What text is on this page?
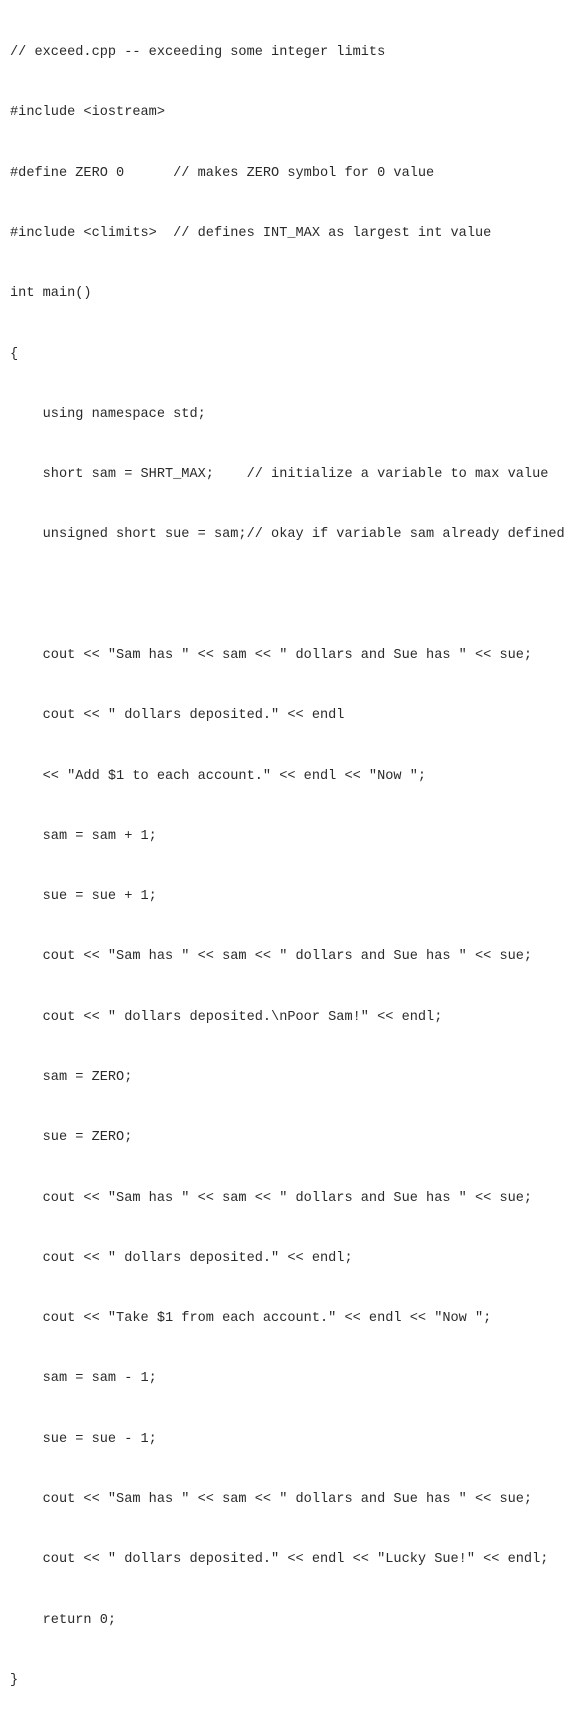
// exceed.cpp -- exceeding some integer limits

#include <iostream>

#define ZERO 0      // makes ZERO symbol for 0 value

#include <climits>  // defines INT_MAX as largest int value

int main()

{

using namespace std;

short sam = SHRT_MAX;    // initialize a variable to max value

unsigned short sue = sam;// okay if variable sam already defined

cout << "Sam has " << sam << " dollars and Sue has " << sue;

cout << " dollars deposited." << endl

<< "Add $1 to each account." << endl << "Now ";

sam = sam + 1;

sue = sue + 1;

cout << "Sam has " << sam << " dollars and Sue has " << sue;

cout << " dollars deposited.\nPoor Sam!" << endl;

sam = ZERO;

sue = ZERO;

cout << "Sam has " << sam << " dollars and Sue has " << sue;

cout << " dollars deposited." << endl;

cout << "Take $1 from each account." << endl << "Now ";

sam = sam - 1;

sue = sue - 1;

cout << "Sam has " << sam << " dollars and Sue has " << sue;

cout << " dollars deposited." << endl << "Lucky Sue!" << endl;

return 0;

}
